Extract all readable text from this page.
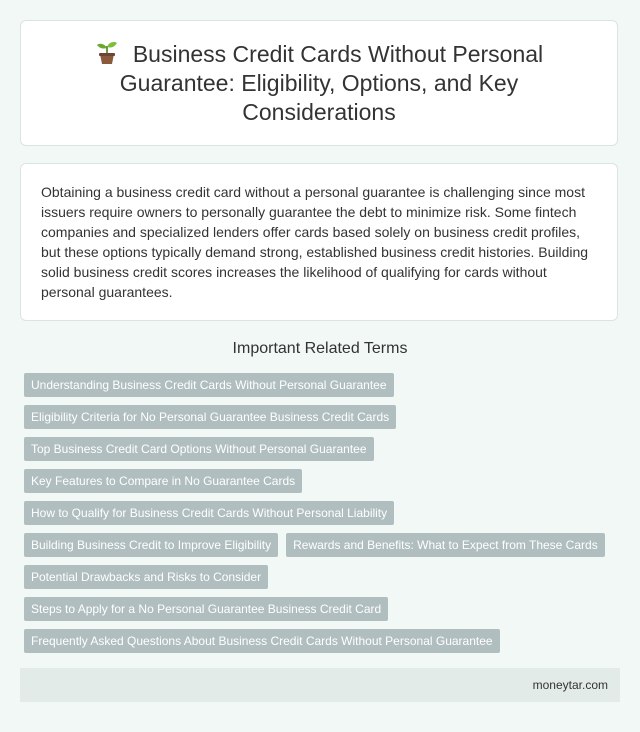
Business Credit Cards Without Personal Guarantee: Eligibility, Options, and Key Considerations

Obtaining a business credit card without a personal guarantee is challenging since most issuers require owners to personally guarantee the debt to minimize risk. Some fintech companies and specialized lenders offer cards based solely on business credit profiles, but these options typically demand strong, established business credit histories. Building solid business credit scores increases the likelihood of qualifying for cards without personal guarantees.

Important Related Terms
Understanding Business Credit Cards Without Personal Guarantee
Eligibility Criteria for No Personal Guarantee Business Credit Cards
Top Business Credit Card Options Without Personal Guarantee
Key Features to Compare in No Guarantee Cards
How to Qualify for Business Credit Cards Without Personal Liability
Building Business Credit to Improve Eligibility	Rewards and Benefits: What to Expect from These Cards
Potential Drawbacks and Risks to Consider
Steps to Apply for a No Personal Guarantee Business Credit Card
Frequently Asked Questions About Business Credit Cards Without Personal Guarantee
moneytar.com
